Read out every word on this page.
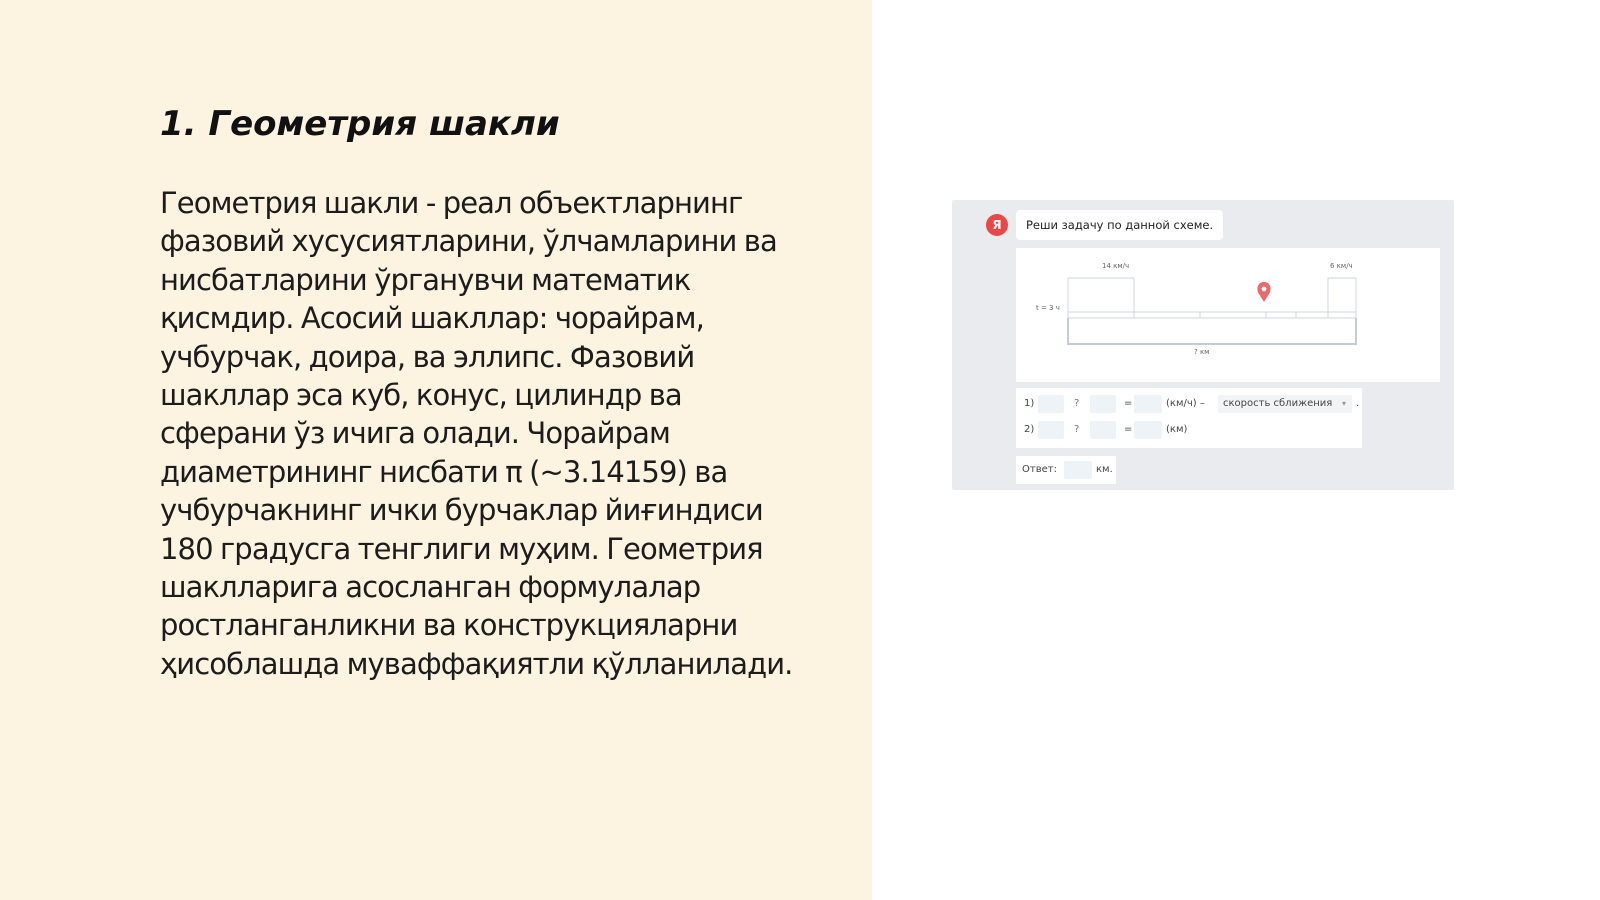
1. Геометрия шакли
Геометрия шакли - реал объектларнинг
фазовий хусусиятларини, ўлчамларини ва
нисбатларини ўрганувчи математик
қисмдир. Асосий шакллар: чорайрам,
учбурчак, доира, ва эллипс. Фазовий
шакллар эса куб, конус, цилиндр ва
сферани ўз ичига олади. Чорайрам
диаметрининг нисбати π (~3.14159) ва
учбурчакнинг ички бурчаклар йиғиндиси
180 градусга тенглиги муҳим. Геометрия
шаклларига асосланган формулалар
ростланганликни ва конструкцияларни
ҳисоблашда муваффақиятли қўлланилади.
Я	Реши задачу по данной схеме.
14 км/ч	6 км/ч
t = 3 ч
? км
1)	?	=	(км/ч) –	скорость сближения ▾ .
2)	?	=	(км)
Ответ:	км.
